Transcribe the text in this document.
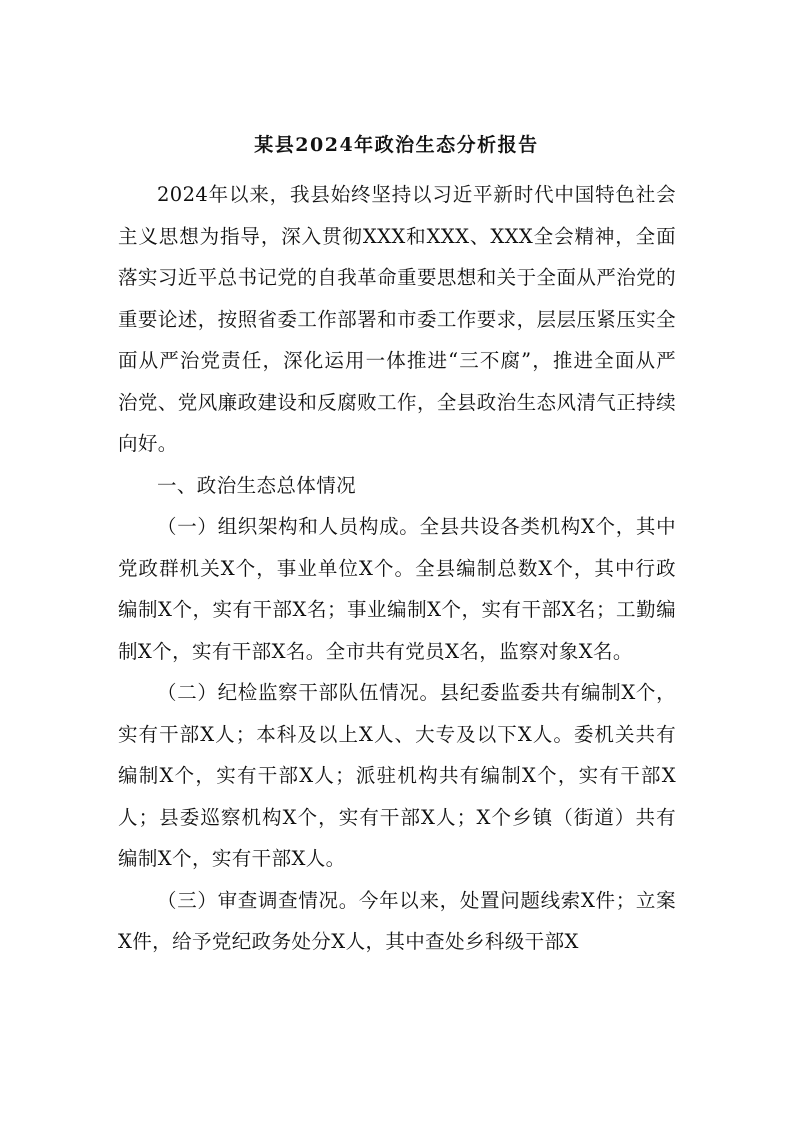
某县2024年政治生态分析报告

2024年以来，我县始终坚持以习近平新时代中国特色社会主义思想为指导，深入贯彻XXX和XXX、XXX全会精神，全面落实习近平总书记党的自我革命重要思想和关于全面从严治党的重要论述，按照省委工作部署和市委工作要求，层层压紧压实全面从严治党责任，深化运用一体推进“三不腐”，推进全面从严治党、党风廉政建设和反腐败工作，全县政治生态风清气正持续向好。

一、政治生态总体情况

（一）组织架构和人员构成。全县共设各类机构X个，其中党政群机关X个，事业单位X个。全县编制总数X个，其中行政编制X个，实有干部X名；事业编制X个，实有干部X名；工勤编制X个，实有干部X名。全市共有党员X名，监察对象X名。

（二）纪检监察干部队伍情况。县纪委监委共有编制X个，实有干部X人；本科及以上X人、大专及以下X人。委机关共有编制X个，实有干部X人；派驻机构共有编制X个，实有干部X人；县委巡察机构X个，实有干部X人；X个乡镇（街道）共有编制X个，实有干部X人。

（三）审查调查情况。今年以来，处置问题线索X件；立案X件，给予党纪政务处分X人，其中查处乡科级干部X
